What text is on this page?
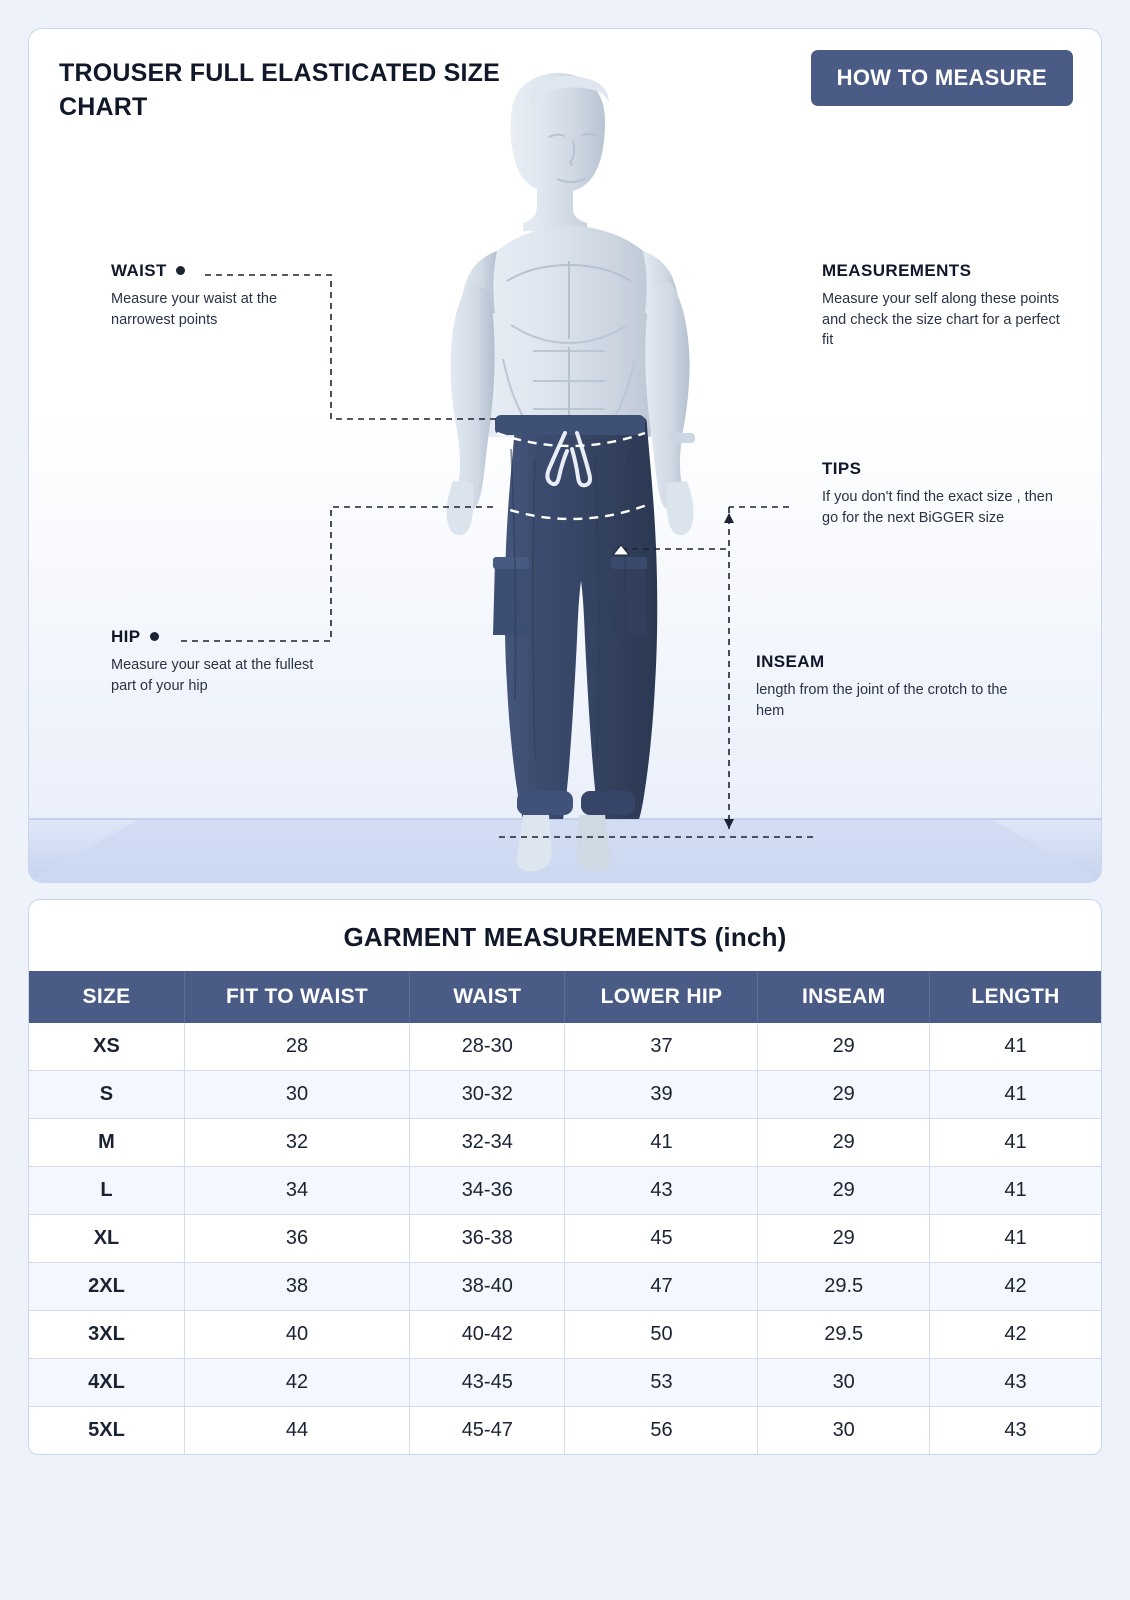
TROUSER FULL ELASTICATED SIZE CHART
HOW TO MEASURE
WAIST
Measure your waist at the narrowest points
HIP
Measure your seat at the fullest part of your hip
MEASUREMENTS
Measure your self along these points and check the size chart for a perfect fit
TIPS
If you don't find the exact size , then go for the next BiGGER size
INSEAM
length from the joint of the crotch to the hem
GARMENT MEASUREMENTS (inch)
SIZE	FIT TO WAIST	WAIST	LOWER HIP	INSEAM	LENGTH
XS	28	28-30	37	29	41
S	30	30-32	39	29	41
M	32	32-34	41	29	41
L	34	34-36	43	29	41
XL	36	36-38	45	29	41
2XL	38	38-40	47	29.5	42
3XL	40	40-42	50	29.5	42
4XL	42	43-45	53	30	43
5XL	44	45-47	56	30	43
